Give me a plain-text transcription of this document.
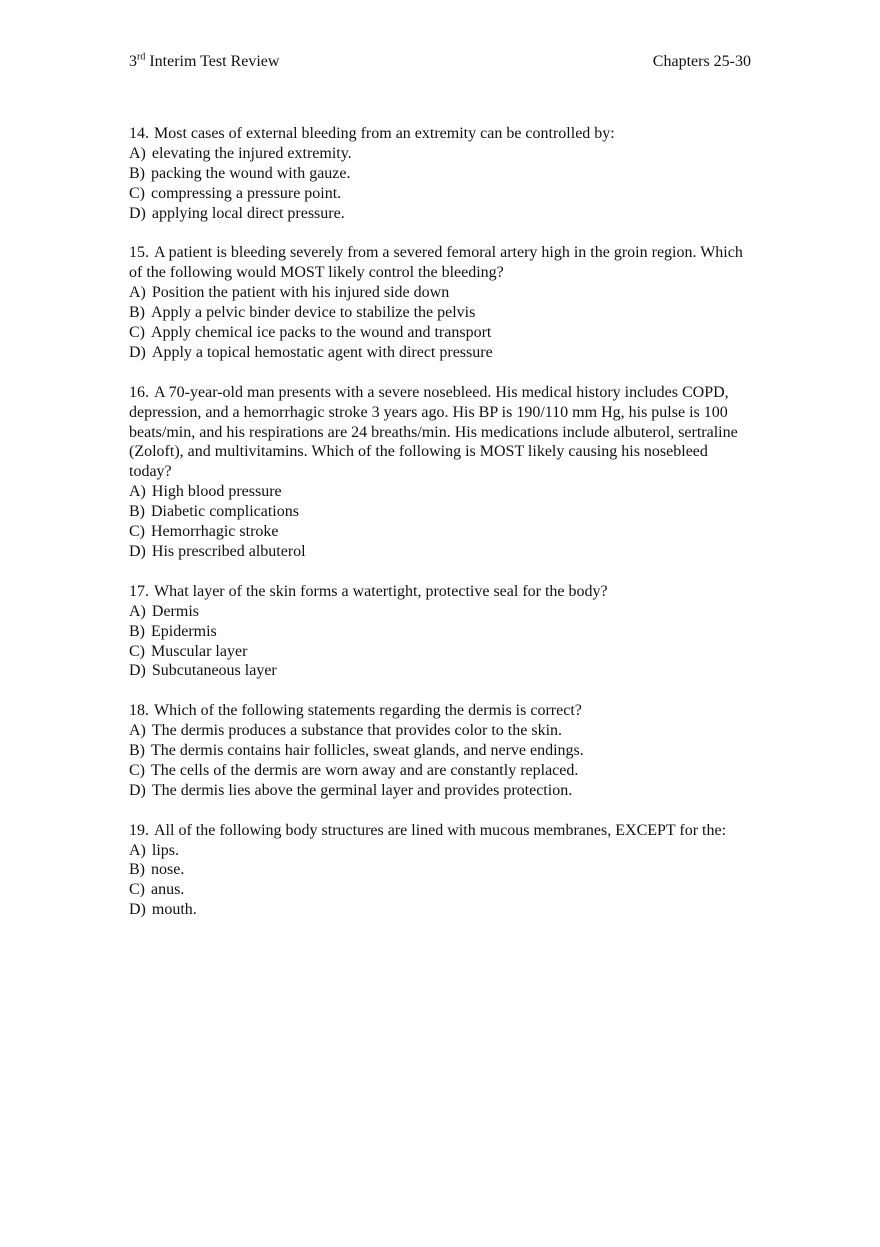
3rd Interim Test Review	Chapters 25-30

14. Most cases of external bleeding from an extremity can be controlled by:

A) elevating the injured extremity.
B) packing the wound with gauze.
C) compressing a pressure point.
D) applying local direct pressure.

15. A patient is bleeding severely from a severed femoral artery high in the groin region. Which of the following would MOST likely control the bleeding?

A) Position the patient with his injured side down
B) Apply a pelvic binder device to stabilize the pelvis
C) Apply chemical ice packs to the wound and transport
D) Apply a topical hemostatic agent with direct pressure

16. A 70-year-old man presents with a severe nosebleed. His medical history includes COPD, depression, and a hemorrhagic stroke 3 years ago. His BP is 190/110 mm Hg, his pulse is 100 beats/min, and his respirations are 24 breaths/min. His medications include albuterol, sertraline (Zoloft), and multivitamins. Which of the following is MOST likely causing his nosebleed today?

A) High blood pressure
B) Diabetic complications
C) Hemorrhagic stroke
D) His prescribed albuterol

17. What layer of the skin forms a watertight, protective seal for the body?

A) Dermis
B) Epidermis
C) Muscular layer
D) Subcutaneous layer

18. Which of the following statements regarding the dermis is correct?

A) The dermis produces a substance that provides color to the skin.
B) The dermis contains hair follicles, sweat glands, and nerve endings.
C) The cells of the dermis are worn away and are constantly replaced.
D) The dermis lies above the germinal layer and provides protection.

19. All of the following body structures are lined with mucous membranes, EXCEPT for the:

A) lips.
B) nose.
C) anus.
D) mouth.
